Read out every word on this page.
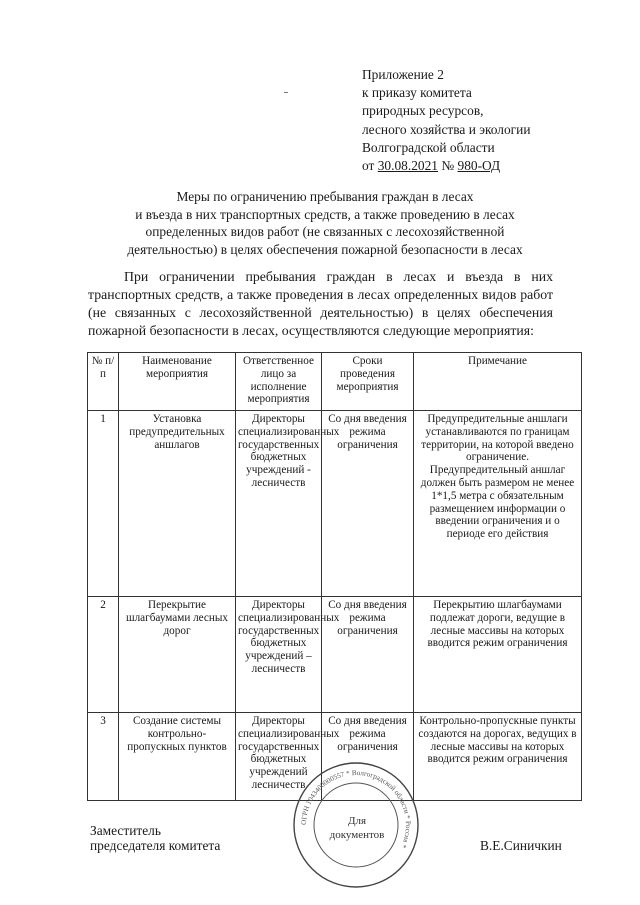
Приложение 2
к приказу комитета
природных ресурсов,
лесного хозяйства и экологии
Волгоградской области
от 30.08.2021 № 980-ОД
Меры по ограничению пребывания граждан в лесах
и въезда в них транспортных средств, а также проведению в лесах
определенных видов работ (не связанных с лесохозяйственной
деятельностью) в целях обеспечения пожарной безопасности в лесах
При ограничении пребывания граждан в лесах и въезда в них транспортных средств, а также проведения в лесах определенных видов работ (не связанных с лесохозяйственной деятельностью) в целях обеспечения пожарной безопасности в лесах, осуществляются следующие мероприятия:
№ п/п	Наименование мероприятия	Ответственное лицо за исполнение мероприятия	Сроки проведения мероприятия	Примечание
1	Установка предупредительных аншлагов	Директоры специализированных государственных бюджетных учреждений - лесничеств	Со дня введения режима ограничения	Предупредительные аншлаги устанавливаются по границам территории, на которой введено ограничение. Предупредительный аншлаг должен быть размером не менее 1*1,5 метра с обязательным размещением информации о введении ограничения и о периоде его действия
2	Перекрытие шлагбаумами лесных дорог	Директоры специализированных государственных бюджетных учреждений – лесничеств	Со дня введения режима ограничения	Перекрытию шлагбаумами подлежат дороги, ведущие в лесные массивы на которых вводится режим ограничения
3	Создание системы контрольно-пропускных пунктов	Директоры специализированных государственных бюджетных учреждений лесничеств	Со дня введения режима ограничения	Контрольно-пропускные пункты создаются на дорогах, ведущих в лесные массивы на которых вводится режим ограничения
Заместитель
председателя комитета	В.Е.Синичкин
ОГРН 1043400000557 * Волгоградской области * Россия *
Для
документов
